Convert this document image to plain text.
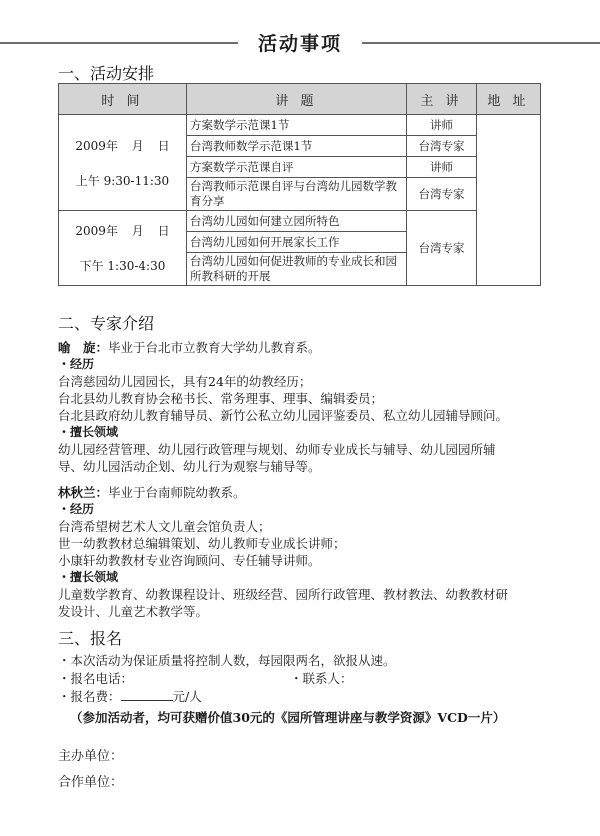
活动事项
一、活动安排
时 间	讲 题	主 讲	地 址

2009年 月 日
上午 9:30-11:30	方案数学示范课1节	讲师	
	台湾教师数学示范课1节	台湾专家	
	方案数学示范课自评	讲师	
	台湾教师示范课自评与台湾幼儿园数学教育分享	台湾专家	

2009年 月 日
下午 1:30-4:30	台湾幼儿园如何建立园所特色	台湾专家	
	台湾幼儿园如何开展家长工作		
	台湾幼儿园如何促进教师的专业成长和园所教科研的开展		
二、专家介绍
喻　旋：毕业于台北市立教育大学幼儿教育系。
・经历
台湾慈园幼儿园园长，具有24年的幼教经历；
台北县幼儿教育协会秘书长、常务理事、理事、编辑委员；
台北县政府幼儿教育辅导员、新竹公私立幼儿园评鉴委员、私立幼儿园辅导顾问。
・擅长领域
幼儿园经营管理、幼儿园行政管理与规划、幼师专业成长与辅导、幼儿园园所辅
导、幼儿园活动企划、幼儿行为观察与辅导等。
林秋兰：毕业于台南师院幼教系。
・经历
台湾希望树艺术人文儿童会馆负责人；
世一幼教教材总编辑策划、幼儿教师专业成长讲师；
小康轩幼教教材专业咨询顾问、专任辅导讲师。
・擅长领域
儿童数学教育、幼教课程设计、班级经营、园所行政管理、教材教法、幼教教材研
发设计、儿童艺术教学等。
三、报名
・本次活动为保证质量将控制人数，每园限两名，欲报从速。
・报名电话：	・联系人：
・报名费：	元/人
（参加活动者，均可获赠价值30元的《园所管理讲座与教学资源》VCD一片）
主办单位：
合作单位：
